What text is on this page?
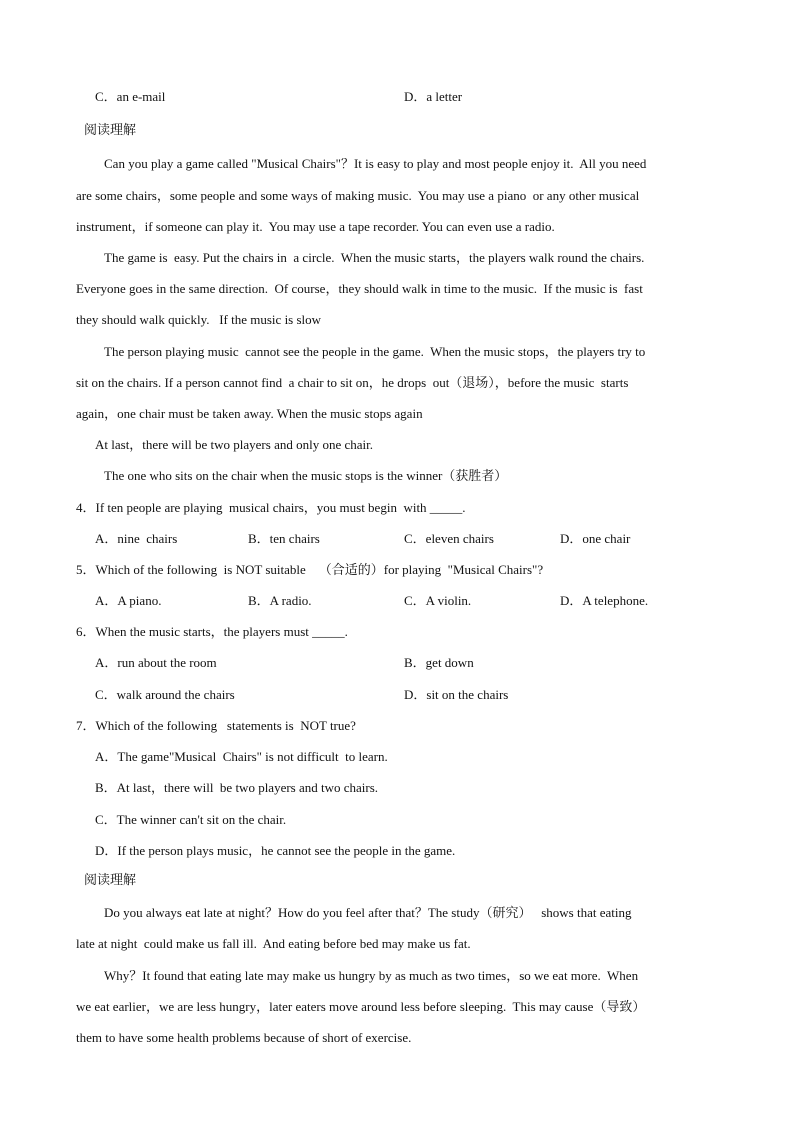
C．an e-mail	D．a letter
阅读理解
Can you play a game called "Musical Chairs"？It is easy to play and most people enjoy it.  All you need
are some chairs，some people and some ways of making music.  You may use a piano  or any other musical
instrument，if someone can play it.  You may use a tape recorder. You can even use a radio.
The game is  easy. Put the chairs in  a circle.  When the music starts，the players walk round the chairs.
Everyone goes in the same direction.  Of course，they should walk in time to the music.  If the music is  fast
they should walk quickly.   If the music is slow
The person playing music  cannot see the people in the game.  When the music stops，the players try to
sit on the chairs. If a person cannot find  a chair to sit on，he drops  out（退场），before the music  starts
again，one chair must be taken away. When the music stops again
At last，there will be two players and only one chair.
The one who sits on the chair when the music stops is the winner（获胜者）
4．If ten people are playing  musical chairs，you must begin  with _____.
A．nine  chairs	B．ten chairs	C．eleven chairs	D．one chair
5．Which of the following  is NOT suitable    （合适的）for playing  "Musical Chairs"?
A．A piano.	B．A radio.	C．A violin.	D．A telephone.
6．When the music starts，the players must _____.
A．run about the room	B．get down
C．walk around the chairs	D．sit on the chairs
7．Which of the following   statements is  NOT true?
A．The game"Musical  Chairs" is not difficult  to learn.
B．At last，there will  be two players and two chairs.
C．The winner can't sit on the chair.
D．If the person plays music，he cannot see the people in the game.
阅读理解
Do you always eat late at night？How do you feel after that？The study（研究）   shows that eating
late at night  could make us fall ill.  And eating before bed may make us fat.
Why？It found that eating late may make us hungry by as much as two times，so we eat more.  When
we eat earlier，we are less hungry，later eaters move around less before sleeping.  This may cause（导致）
them to have some health problems because of short of exercise.
